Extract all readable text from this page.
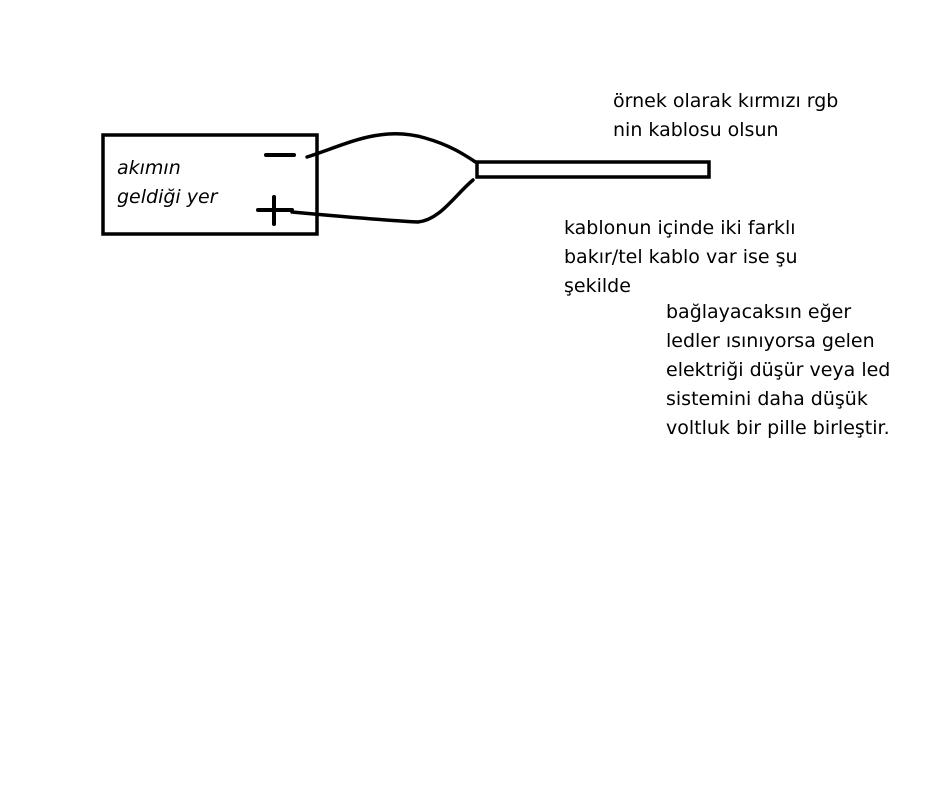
akımın
geldiği yer
örnek olarak kırmızı rgb
nin kablosu olsun
kablonun içinde iki farklı
bakır/tel kablo var ise şu
şekilde
bağlayacaksın eğer
ledler ısınıyorsa gelen
elektriği düşür veya led
sistemini daha düşük
voltluk bir pille birleştir.
